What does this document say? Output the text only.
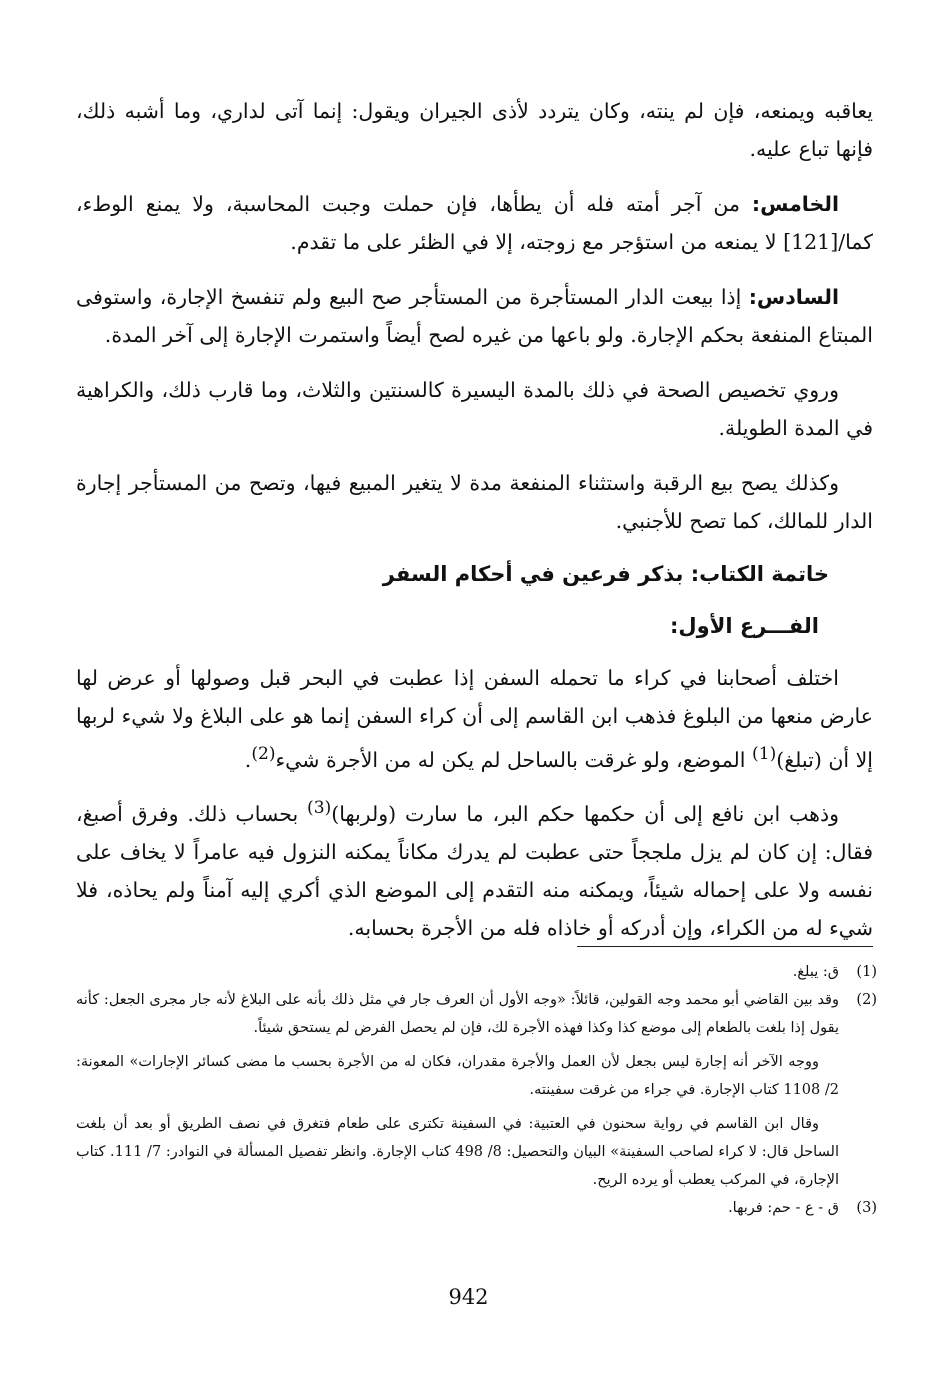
يعاقبه ويمنعه، فإن لم ينته، وكان يتردد لأذى الجيران ويقول: إنما آتى لداري، وما أشبه ذلك، فإنها تباع عليه.

الخامس: من آجر أمته فله أن يطأها، فإن حملت وجبت المحاسبة، ولا يمنع الوطء، كما/[121] لا يمنعه من استؤجر مع زوجته، إلا في الظئر على ما تقدم.

السادس: إذا بيعت الدار المستأجرة من المستأجر صح البيع ولم تنفسخ الإجارة، واستوفى المبتاع المنفعة بحكم الإجارة. ولو باعها من غيره لصح أيضاً واستمرت الإجارة إلى آخر المدة.

وروي تخصيص الصحة في ذلك بالمدة اليسيرة كالسنتين والثلاث، وما قارب ذلك، والكراهية في المدة الطويلة.

وكذلك يصح بيع الرقبة واستثناء المنفعة مدة لا يتغير المبيع فيها، وتصح من المستأجر إجارة الدار للمالك، كما تصح للأجنبي.

خاتمة الكتاب: بذكر فرعين في أحكام السفر
الفـــرع الأول:

اختلف أصحابنا في كراء ما تحمله السفن إذا عطبت في البحر قبل وصولها أو عرض لها عارض منعها من البلوغ فذهب ابن القاسم إلى أن كراء السفن إنما هو على البلاغ ولا شيء لربها إلا أن (تبلغ)$^{(1)}$ الموضع، ولو غرقت بالساحل لم يكن له من الأجرة شيء$^{(2)}$.

وذهب ابن نافع إلى أن حكمها حكم البر، ما سارت (ولربها)$^{(3)}$ بحساب ذلك. وفرق أصبغ، فقال: إن كان لم يزل ملججاً حتى عطبت لم يدرك مكاناً يمكنه النزول فيه عامراً لا يخاف على نفسه ولا على إحماله شيئاً، ويمكنه منه التقدم إلى الموضع الذي أكري إليه آمناً ولم يحاذه، فلا شيء له من الكراء، وإن أدركه أو خاذاه فله من الأجرة بحسابه.

(1)
ق: يبلغ.
(2)
وقد بين القاضي أبو محمد وجه القولين، قائلاً: «وجه الأول أن العرف جار في مثل ذلك بأنه على البلاغ لأنه جار مجرى الجعل: كأنه يقول إذا بلغت بالطعام إلى موضع كذا وكذا فهذه الأجرة لك، فإن لم يحصل الفرض لم يستحق شيئاً.
ووجه الآخر أنه إجارة ليس بجعل لأن العمل والأجرة مقدران، فكان له من الأجرة بحسب ما مضى كسائر الإجارات» المعونة: 2/ 1108 كتاب الإجارة. في جراء من غرقت سفينته.
وقال ابن القاسم في رواية سحنون في العتبية: في السفينة تكترى على طعام فتغرق في نصف الطريق أو بعد أن بلغت الساحل قال: لا كراء لصاحب السفينة» البيان والتحصيل: 8/ 498 كتاب الإجارة. وانظر تفصيل المسألة في النوادر: 7/ 111. كتاب الإجارة، في المركب يعطب أو يرده الريح.
(3)
ق - ع - حم: فربها.
942
